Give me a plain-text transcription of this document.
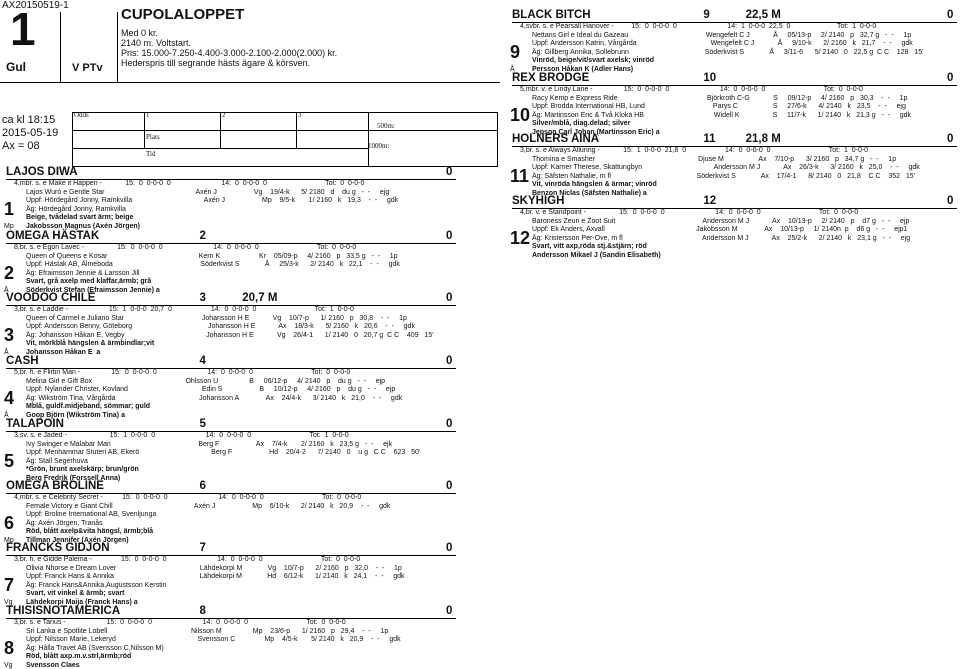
AX20150519-1
1
Gul	V PTv
CUPOLALOPPET
Med 0 kr.
2140 m. Voltstart.
Pris: 15.000-7.250-4.400-3.000-2.100-2.000(2.000) kr.
Hederspris till segrande hästs ägare & körsven.
ca kl 18:15
2015-05-19
Ax = 08
Odds	1	2	3
Plats
Tid
500m:
1000m:
LAJOS DIWA	0
1
4,mbr. s. e Make it Happen -            15:  0  0-0-0  0                          14:  0  0-0-0  0                              Tot:  0  0-0-0
Lajos Wuró e Gentle Star                                               Axén J                   Vg    19/4-k      5/ 2180   d    du g   -  -     ejg
Uppf: Hördegård Jonny, Ramkvilla                                     Axén J                   Mp    9/5-k       1/ 2160   k   19,3    -  -     gdk
Äg: Hördegård Jonny, Ramkvilla
Beige, tvådelad svart ärm; beige
Jakobsson Magnus (Axén Jörgen)
Mp
OMEGA HÄSTAK	2	0
2
8,br. s. e Egon Lavec -                 15:  0  0-0-0  0                          14:  0  0-0-0  0                              Tot:  0  0-0-0
Queen of Queens e Kosar                                               Kern K                    Kr    05/09-p     4/ 2160   p   33,5 g   -  -     1p
Uppf: Hästak AB, Älmeboda                                             Söderkvist S             Å     25/3-k      2/ 2140   k   22,1    -  -     gdk
Äg: Efraimsson Jennie & Larsson Jill
Svart, grå axelp med klaffar,ärmb; grå
Söderkvist Stefan (Efraimsson Jennie) a
Å
VOODOO CHILE	3	20,7 M	0
3
3,br. s. e Laddie -                     15:  1  0-0-0  20,7  0                    14:  0  0-0-0  0                              Tot:  1  0-0-0
Queen of Carmel e Juliano Star                                        Johansson H E            Vg    10/7-p      1/ 2160   p   30,8    -  -     1p
Uppf: Andersson Benny, Göteborg                                       Johansson H E            Ax    18/3-k      5/ 2160   k   20,6    -  -     gdk
Äg: Johansson Håkan E, Vegby                                          Johansson H E            Vg    26/4-1      1/ 2140   0   20,7 g  C C    409   15'
Vit, mörkblå hängslen & ärmbindlar;vit
Johansson Håkan E  a
Å
CASH	4	0
4
5,br. h. e Flirtin Man -                15:  0  0-0-0  0                          14:  0  0-0-0  0                              Tot:  0  0-0-0
Melina Girl e Gift Box                                                Ohlsson U                B     06/12-p     4/ 2140   p    du g   -  -     ejp
Uppf: Nylander Christer, Kovland                                      Edin S                   B     10/12-p     4/ 2160   p    du g   -  -     ejp
Äg: Wikström Tina, Vårgårda                                           Johansson A              Ax    24/4-k      3/ 2140   k   21,0    -  -     gdk
Mblå, guldf.midjeband, sömmar; guld
Goop Björn (Wikström Tina) a
Å
TALAPOIN	5	0
5
3,sv. s. e Jaded -                      15:  1  0-0-0  0                          14:  0  0-0-0  0                              Tot:  1  0-0-0
Ivy Swinger e Malabar Man                                             Berg F                   Ax    7/4-k       2/ 2160   k   23,5 g   -  -     ejk
Uppf: Menhammar Stuteri AB, Ekerö                                     Berg F                   Hd    20/4-2      7/ 2140   0    u g   C C    623   50'
Äg: Stall Segerhuva
*Grön, brunt axelskärp; brun/grön
Berg Fredrik (Forssell Anna)
OMEGA BROLINE	6	0
6
4,mbr. s. e Celebrity Secret -          15:  0  0-0-0  0                          14:  0  0-0-0  0                              Tot:  0  0-0-0
Female Victory e Giant Chill                                          Axén J                   Mp    6/10-k      2/ 2140   k   20,9    -  -     gdk
Uppf: Broline International AB, Svenljunga
Äg: Axén Jörgen, Tranås
Röd, blått axelp&vita hängsl, ärmb;blå
Tillman Jennifer (Axén Jörgen)
Mp
FRANCKS GIDJON	7	0
7
3,br. h. e Gidde Palema -               15:  0  0-0-0  0                          14:  0  0-0-0  0                              Tot:  0  0-0-0
Olivia Nhorse e Dream Lover                                           Lähdekorpi M             Vg    10/7-p      2/ 2160   p   32,0    -  -     1p
Uppf: Franck Hans & Annika                                            Lähdekorpi M             Hd    6/12-k      1/ 2140   k   24,1    -  -     gdk
Äg: Franck Hans&Annika,Augustsson Kerstin
Svart, vit vinkel & ärmb; svart
Lähdekorpi Maija (Franck Hans) a
Vg
THISISNOTAMERICA	8	0
8
3,br. s. e Tarius -                     15:  0  0-0-0  0                          14:  0  0-0-0  0                              Tot:  0  0-0-0
Sri Lanka e Spotlite Lobell                                           Nilsson M                Mp    23/6-p      1/ 2160   p   29,4    -  -     1p
Uppf: Nilsson Marie, Lekeryd                                          Svensson C               Mp    4/5-k       5/ 2140   k   20,9    -  -     gdk
Äg: Hålla Travet AB (Svensson C,Nilsson M)
Röd, blått axp.m.v.strl,ärmb;röd
Svensson Claes
Vg
BLACK BITCH	9	22,5 M	0
9
4,svbr. s. e Pearsall Hanover -         15:  0  0-0-0  0                          14:  1  0-0-0  22,5  0                        Tot:  1  0-0-0
Nettans Girl e Ideal du Gazeau                                        Wengefelt C J            Å     05/13-p     2/ 2140   p   32,7 g   -  -     1p
Uppf: Andersson Katrin, Vårgårda                                      Wengefelt C J            Å     9/10-k      2/ 2160   k   21,7    -  -     gdk
Äg: Gillberg Annika, Sollebrunn                                       Söderkvist S             Å     3/11-6      5/ 2140   0   22,5 g  C C    128   15'
Vinröd, beige/vit/svart axelsk; vinröd
Persson Håkan K (Adler Hans)
Å
REX BRODGE	10	0
10
5,mbr. v. e Lindy Lane -                15:  0  0-0-0  0                          14:  0  0-0-0  0                              Tot:  0  0-0-0
Racy Kemp e Express Ride                                              Björkroth C-G            S     09/12-p     4/ 2160   p   30,3    -  -     1p
Uppf: Brodda International HB, Lund                                   Parys C                  S     27/6-k      4/ 2140   k   23,5    -  -     ejg
Äg: Martinsson Eric & Två Kloka HB                                    Widell K                 S     11/7-k      1/ 2140   k   21,3 g   -  -     gdk
Silver/mblå, diag.delad; silver
Jepson Carl Johan (Martinsson Eric) a
HOLNERS AINA	11	21,8 M	0
11
3,br. s. e Always Alluring -            15:  1  0-0-0  21,8  0                    14:  0  0-0-0  0                              Tot:  1  0-0-0
Thomina e Smasher                                                     Djuse M                  Ax    7/10-p      3/ 2160   p   34,7 g   -  -     1p
Uppf: Karner Therese, Skattungbyn                                     Andersson M J            Ax    26/3-k      3/ 2160   k   25,0    -  -     gdk
Äg: Säfsten Nathalie, m fl                                            Söderkvist S             Ax    17/4-1      8/ 2140   0   21,8    C C    352   15'
Vit, vinröda hängslen & ärmar; vinröd
Benzon Niclas (Säfsten Nathalie) a
SKYHIGH	12	0
12
4,br. v. e Standpoint -                 15:  0  0-0-0  0                          14:  0  0-0-0  0                              Tot:  0  0-0-0
Baroness Zeun e Zoot Suit                                             Andersson M J            Ax    10/13-p     2/ 2140   p    d7 g   -  -     ejp
Uppf: Ek Anders, Axvall                                               Jakobsson M              Ax    10/13-p     1/ 2140n  p    d6 g   -  -     ejp1
Äg: Kristersson Per-Ove, m fl                                         Andersson M J            Ax    25/2-k      2/ 2140   k   23,1 g   -  -     ejg
Svart, vitt axp,röda stj.&stjärn; röd
Andersson Mikael J (Sandin Elisabeth)
